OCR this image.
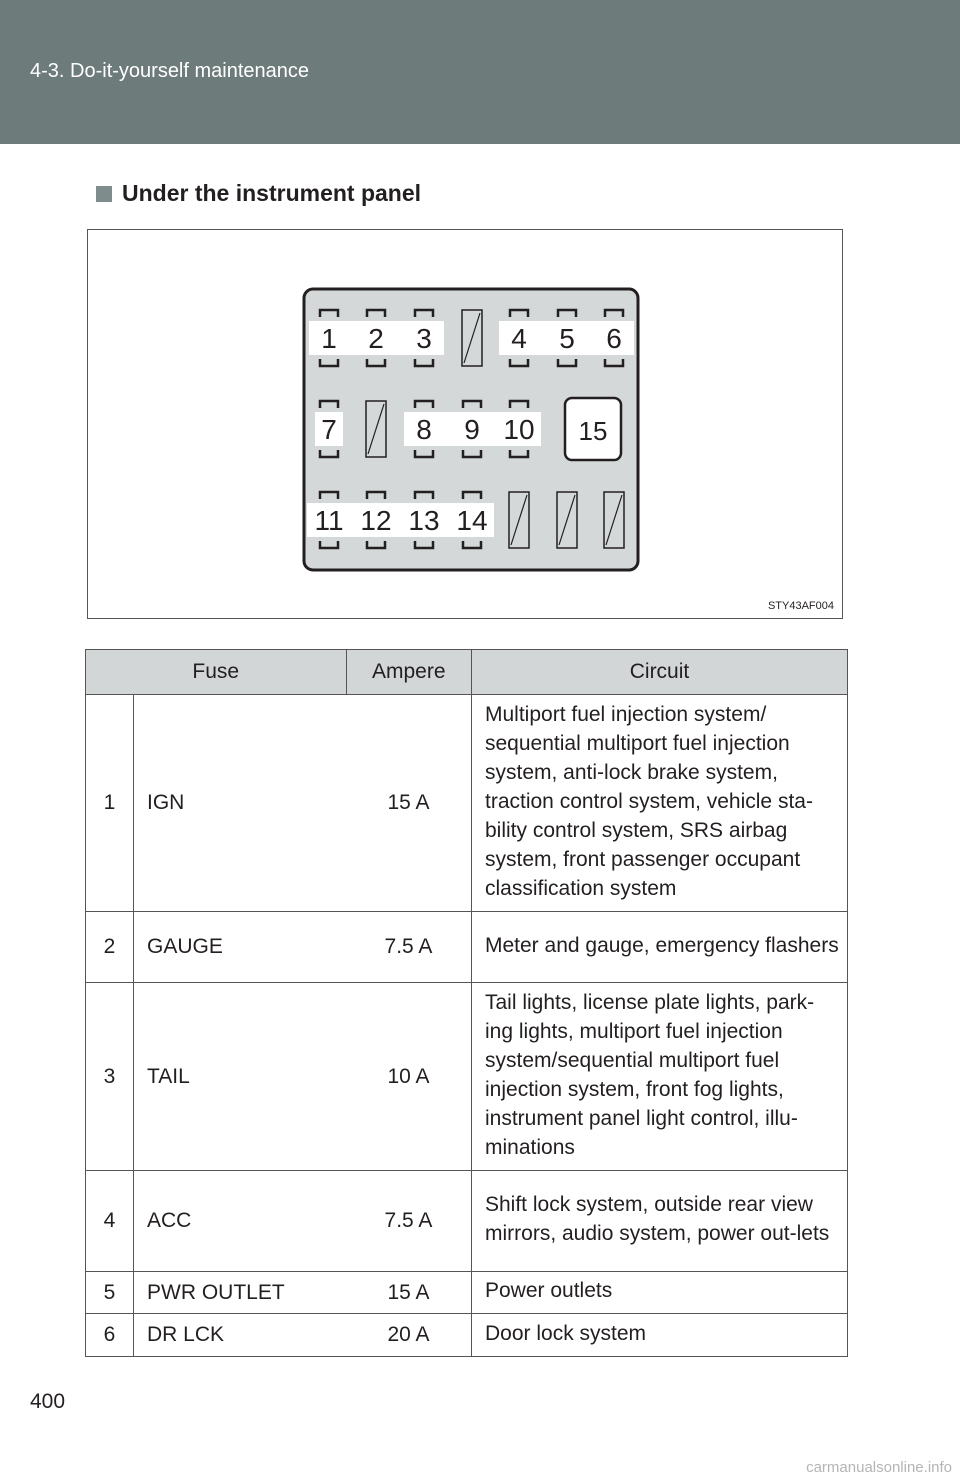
4-3. Do-it-yourself maintenance
Under the instrument panel
1 2 3	4 5 6
7	8 9 10 15
11 12 13 14
STY43AF004
Fuse		Ampere	Circuit
1	IGN	15 A	Multiport fuel injection system/ sequential multiport fuel injection system, anti-lock brake system, traction control system, vehicle sta-bility control system, SRS airbag system, front passenger occupant classification system
2	GAUGE	7.5 A	Meter and gauge, emergency flashers
3	TAIL	10 A	Tail lights, license plate lights, park-ing lights, multiport fuel injection system/sequential multiport fuel injection system, front fog lights, instrument panel light control, illu-minations
4	ACC	7.5 A	Shift lock system, outside rear view mirrors, audio system, power out-lets
5	PWR OUTLET	15 A	Power outlets
6	DR LCK	20 A	Door lock system
400
carmanualsonline.info
